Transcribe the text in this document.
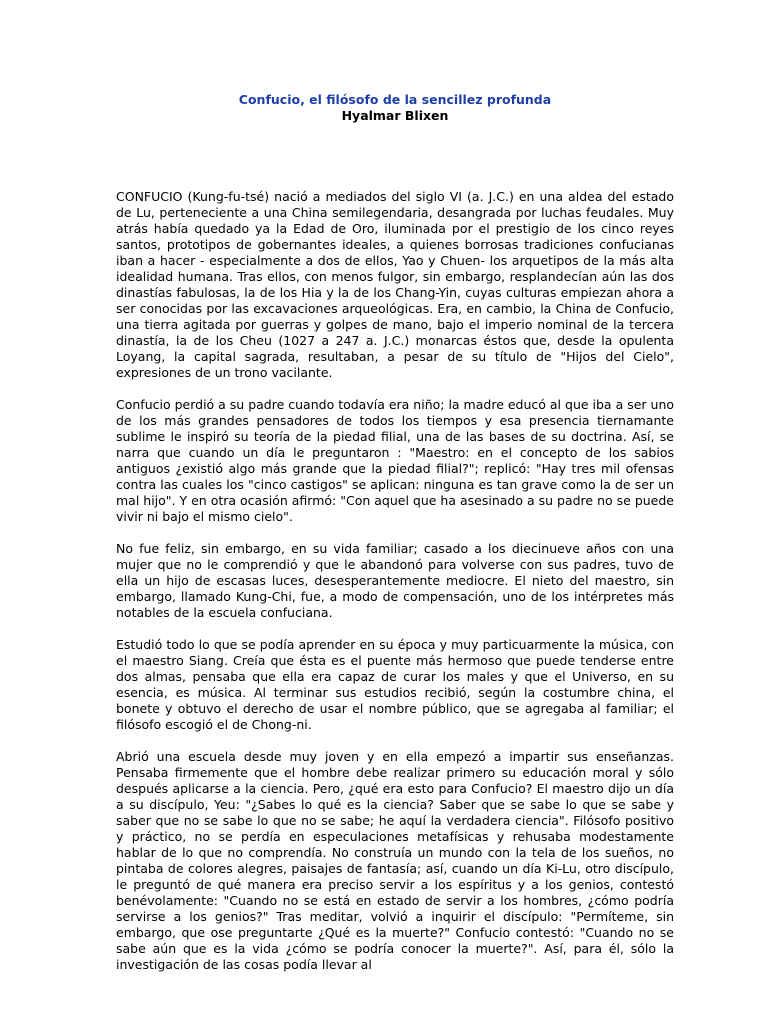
Confucio, el filósofo de la sencillez profunda

Hyalmar Blixen

CONFUCIO (Kung-fu-tsé) nació a mediados del siglo VI (a. J.C.) en una aldea del estado de Lu, perteneciente a una China semilegendaria, desangrada por luchas feudales. Muy atrás había quedado ya la Edad de Oro, iluminada por el prestigio de los cinco reyes santos, prototipos de gobernantes ideales, a quienes borrosas tradiciones confucianas iban a hacer - especialmente a dos de ellos, Yao y Chuen- los arquetipos de la más alta idealidad humana. Tras ellos, con menos fulgor, sin embargo, resplandecían aún las dos dinastías fabulosas, la de los Hia y la de los Chang-Yin, cuyas culturas empiezan ahora a ser conocidas por las excavaciones arqueológicas. Era, en cambio, la China de Confucio, una tierra agitada por guerras y golpes de mano, bajo el imperio nominal de la tercera dinastía, la de los Cheu (1027 a 247 a. J.C.) monarcas éstos que, desde la opulenta Loyang, la capital sagrada, resultaban, a pesar de su título de "Hijos del Cielo", expresiones de un trono vacilante.

Confucio perdió a su padre cuando todavía era niño; la madre educó al que iba a ser uno de los más grandes pensadores de todos los tiempos y esa presencia tiernamante sublime le inspiró su teoría de la piedad filial, una de las bases de su doctrina. Así, se narra que cuando un día le preguntaron : "Maestro: en el concepto de los sabios antiguos ¿existió algo más grande que la piedad filial?"; replicó: "Hay tres mil ofensas contra las cuales los "cinco castigos" se aplican: ninguna es tan grave como la de ser un mal hijo". Y en otra ocasión afirmó: "Con aquel que ha asesinado a su padre no se puede vivir ni bajo el mismo cielo".

No fue feliz, sin embargo, en su vida familiar; casado a los diecinueve años con una mujer que no le comprendió y que le abandonó para volverse con sus padres, tuvo de ella un hijo de escasas luces, desesperantemente mediocre. El nieto del maestro, sin embargo, llamado Kung-Chi, fue, a modo de compensación, uno de los intérpretes más notables de la escuela confuciana.

Estudió todo lo que se podía aprender en su época y muy particuarmente la música, con el maestro Siang. Creía que ésta es el puente más hermoso que puede tenderse entre dos almas, pensaba que ella era capaz de curar los males y que el Universo, en su esencia, es música. Al terminar sus estudios recibió, según la costumbre china, el bonete y obtuvo el derecho de usar el nombre público, que se agregaba al familiar; el filósofo escogió el de Chong-ni.

Abrió una escuela desde muy joven y en ella empezó a impartir sus enseñanzas. Pensaba firmemente que el hombre debe realizar primero su educación moral y sólo después aplicarse a la ciencia. Pero, ¿qué era esto para Confucio? El maestro dijo un día a su discípulo, Yeu: "¿Sabes lo qué es la ciencia? Saber que se sabe lo que se sabe y saber que no se sabe lo que no se sabe; he aquí la verdadera ciencia". Filósofo positivo y práctico, no se perdía en especulaciones metafísicas y rehusaba modestamente hablar de lo que no comprendía. No construía un mundo con la tela de los sueños, no pintaba de colores alegres, paisajes de fantasía; así, cuando un día Ki-Lu, otro discípulo, le preguntó de qué manera era preciso servir a los espíritus y a los genios, contestó benévolamente: "Cuando no se está en estado de servir a los hombres, ¿cómo podría servirse a los genios?" Tras meditar, volvió a inquirir el discípulo: "Permíteme, sin embargo, que ose preguntarte ¿Qué es la muerte?" Confucio contestó: "Cuando no se sabe aún que es la vida ¿cómo se podría conocer la muerte?". Así, para él, sólo la investigación de las cosas podía llevar al
